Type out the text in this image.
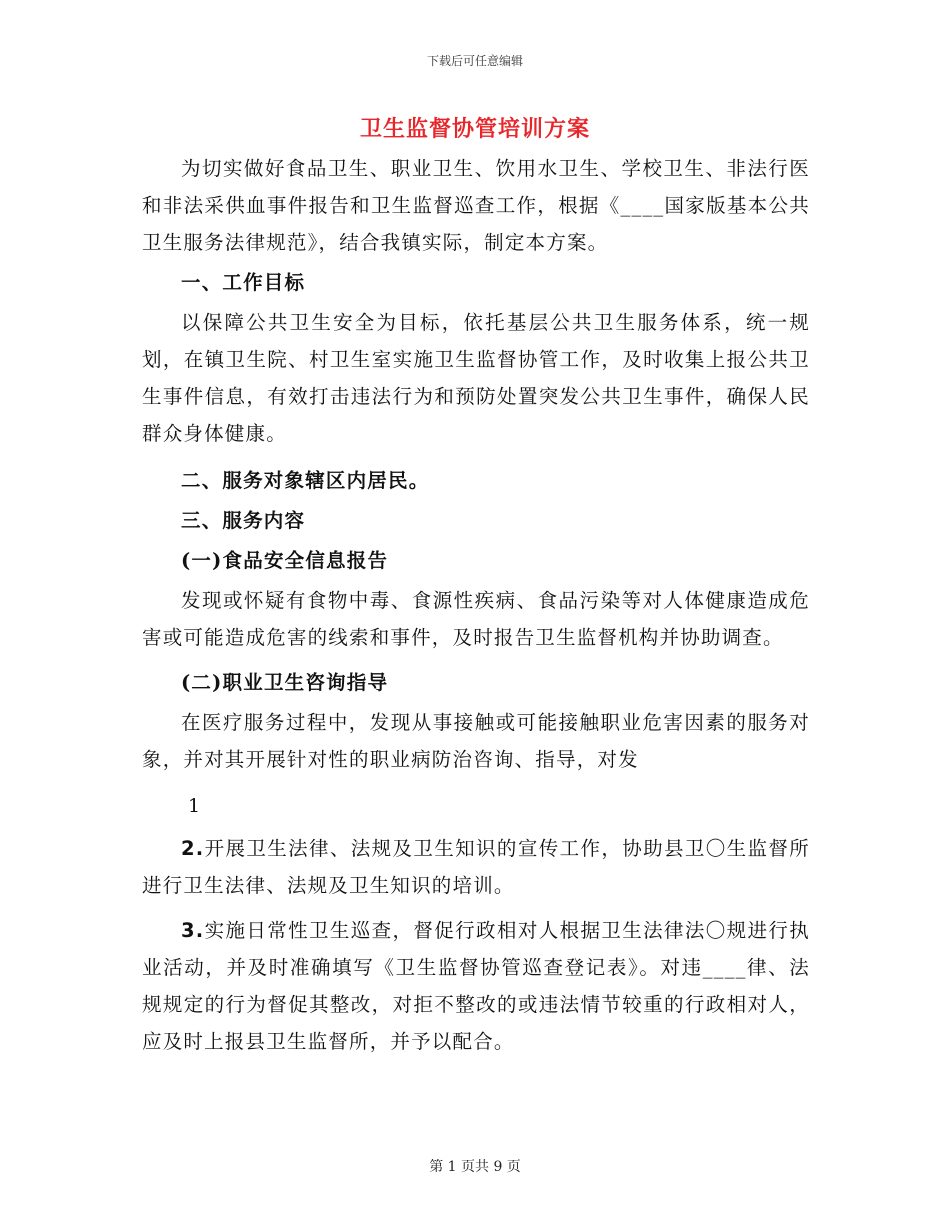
下载后可任意编辑
卫生监督协管培训方案

为切实做好食品卫生、职业卫生、饮用水卫生、学校卫生、非法行医和非法采供血事件报告和卫生监督巡查工作，根据《____国家版基本公共卫生服务法律规范》，结合我镇实际，制定本方案。

一、工作目标

以保障公共卫生安全为目标，依托基层公共卫生服务体系，统一规划，在镇卫生院、村卫生室实施卫生监督协管工作，及时收集上报公共卫生事件信息，有效打击违法行为和预防处置突发公共卫生事件，确保人民群众身体健康。

二、服务对象辖区内居民。

三、服务内容

(一)食品安全信息报告

发现或怀疑有食物中毒、食源性疾病、食品污染等对人体健康造成危害或可能造成危害的线索和事件，及时报告卫生监督机构并协助调查。

(二)职业卫生咨询指导

在医疗服务过程中，发现从事接触或可能接触职业危害因素的服务对象，并对其开展针对性的职业病防治咨询、指导，对发

1

2.开展卫生法律、法规及卫生知识的宣传工作，协助县卫〇生监督所进行卫生法律、法规及卫生知识的培训。

3.实施日常性卫生巡查，督促行政相对人根据卫生法律法〇规进行执业活动，并及时准确填写《卫生监督协管巡查登记表》。对违____律、法规规定的行为督促其整改，对拒不整改的或违法情节较重的行政相对人，应及时上报县卫生监督所，并予以配合。

第 1 页共 9 页
